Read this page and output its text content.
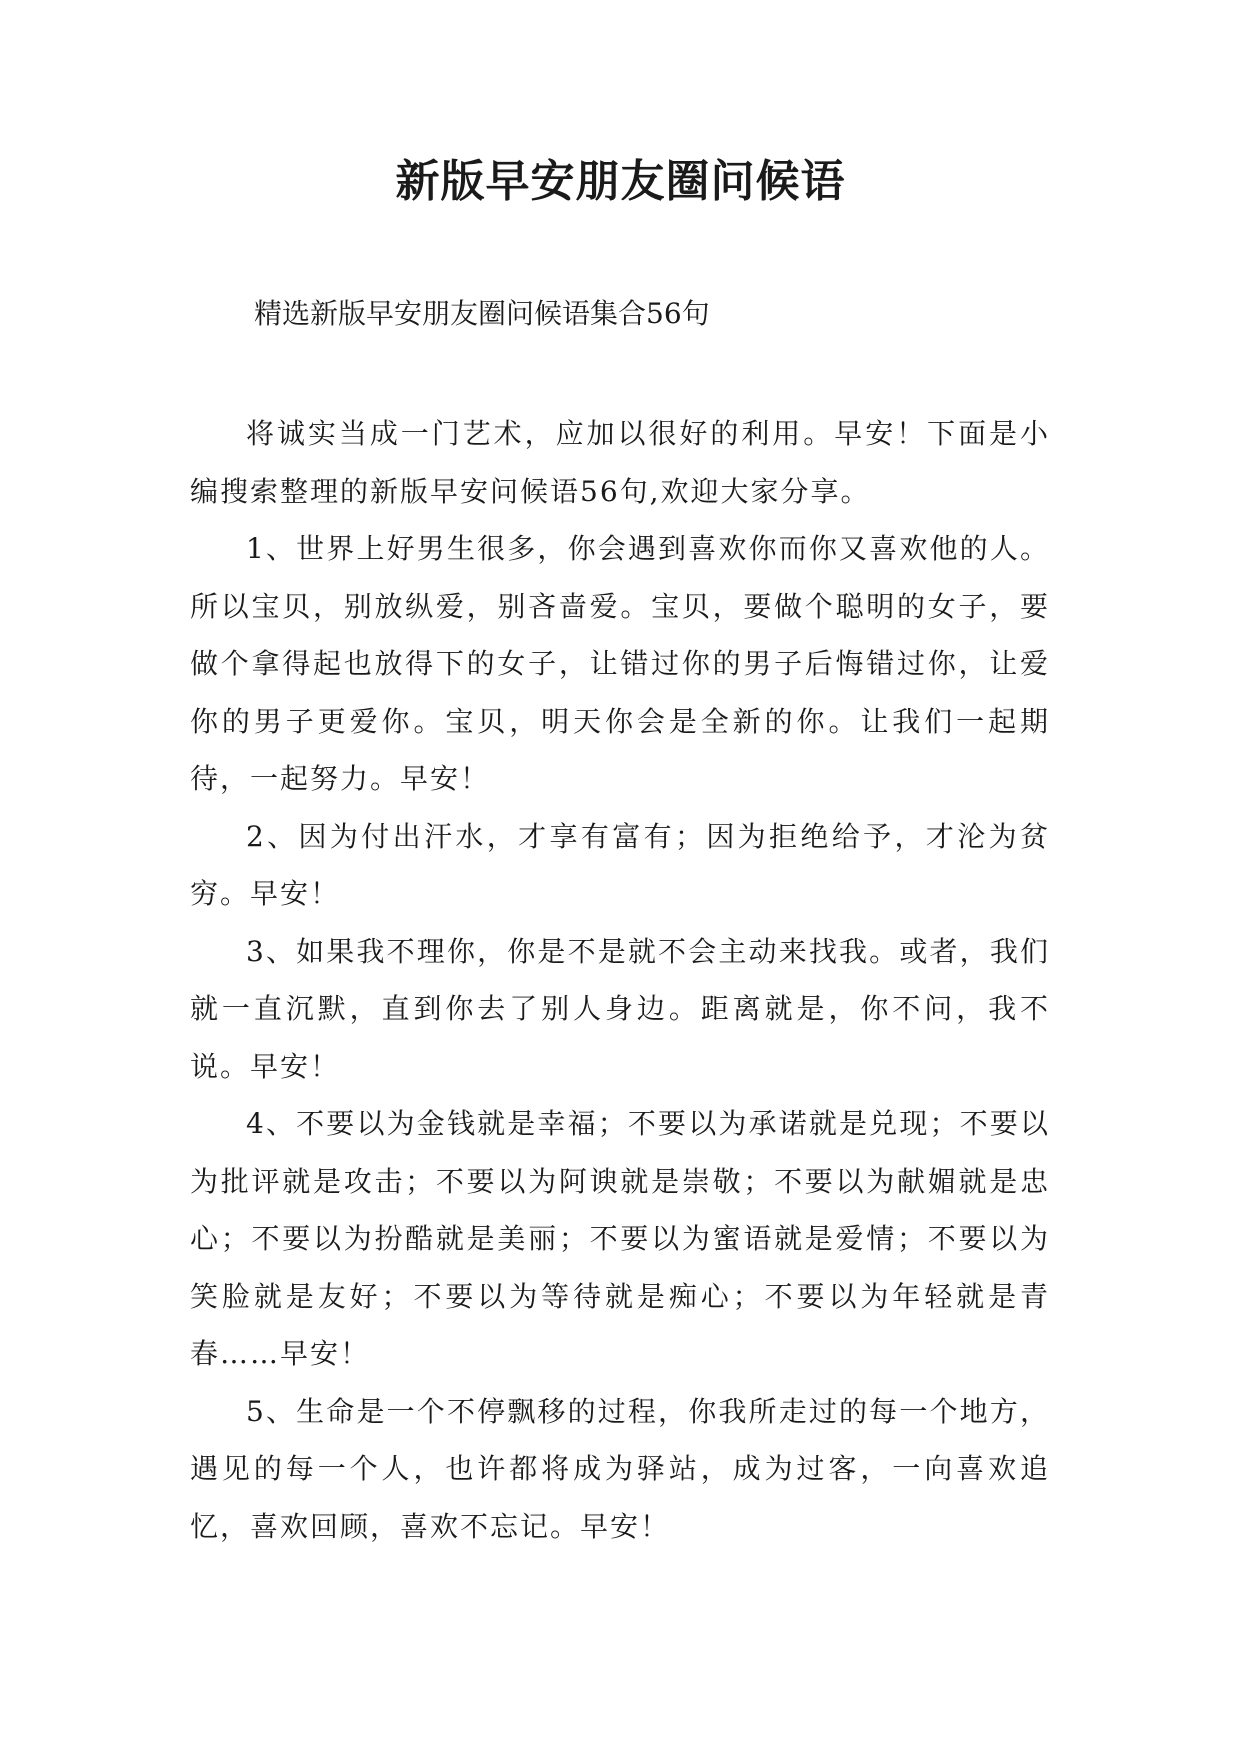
新版早安朋友圈问候语
精选新版早安朋友圈问候语集合56句

将诚实当成一门艺术，应加以很好的利用。早安！下面是小编搜索整理的新版早安问候语56句,欢迎大家分享。

1、世界上好男生很多，你会遇到喜欢你而你又喜欢他的人。所以宝贝，别放纵爱，别吝啬爱。宝贝，要做个聪明的女子，要做个拿得起也放得下的女子，让错过你的男子后悔错过你，让爱你的男子更爱你。宝贝，明天你会是全新的你。让我们一起期待，一起努力。早安！

2、因为付出汗水，才享有富有；因为拒绝给予，才沦为贫穷。早安！

3、如果我不理你，你是不是就不会主动来找我。或者，我们就一直沉默，直到你去了别人身边。距离就是，你不问，我不说。早安！

4、不要以为金钱就是幸福；不要以为承诺就是兑现；不要以为批评就是攻击；不要以为阿谀就是崇敬；不要以为献媚就是忠心；不要以为扮酷就是美丽；不要以为蜜语就是爱情；不要以为笑脸就是友好；不要以为等待就是痴心；不要以为年轻就是青春……早安！

5、生命是一个不停飘移的过程，你我所走过的每一个地方，遇见的每一个人，也许都将成为驿站，成为过客，一向喜欢追忆，喜欢回顾，喜欢不忘记。早安！
